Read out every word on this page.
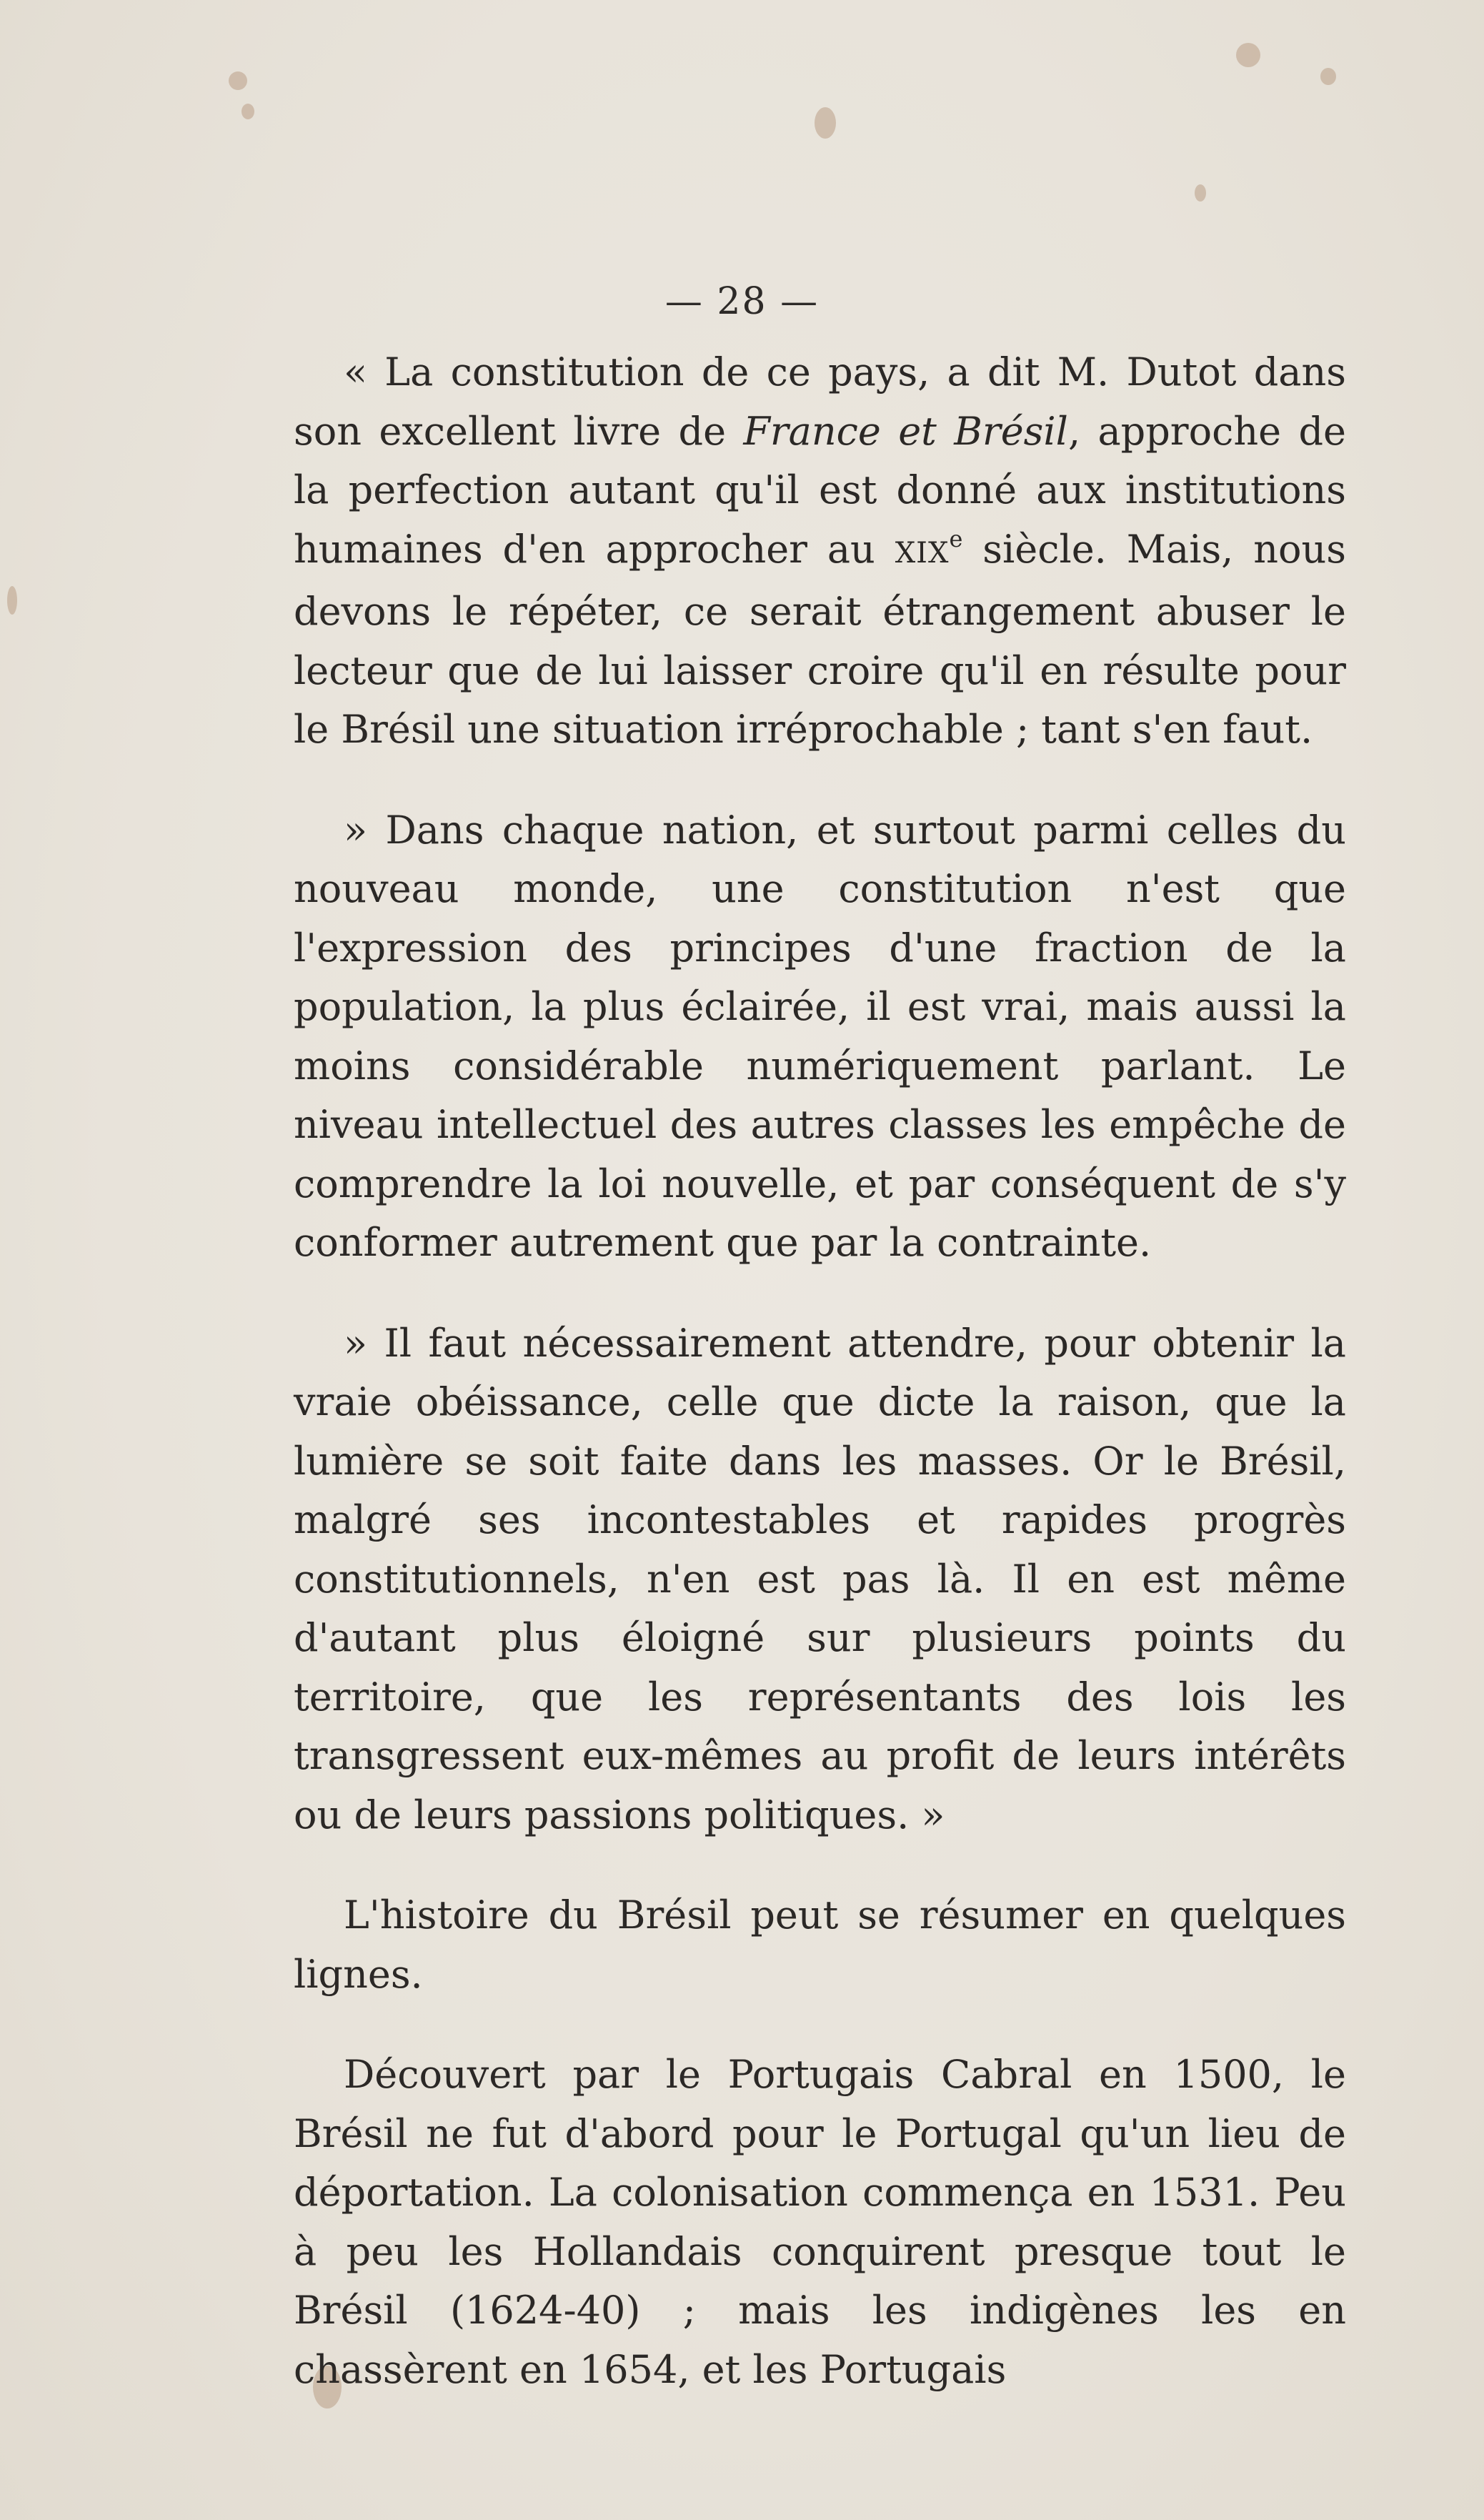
— 28 —

« La constitution de ce pays, a dit M. Dutot dans son excellent livre de France et Brésil, approche de la perfection autant qu'il est donné aux institutions humaines d'en approcher au XIXe siècle. Mais, nous devons le répéter, ce serait étrangement abuser le lecteur que de lui laisser croire qu'il en résulte pour le Brésil une situation irréprochable ; tant s'en faut.

» Dans chaque nation, et surtout parmi celles du nouveau monde, une constitution n'est que l'expression des principes d'une fraction de la population, la plus éclairée, il est vrai, mais aussi la moins considérable numériquement parlant. Le niveau intellectuel des autres classes les empêche de comprendre la loi nouvelle, et par conséquent de s'y conformer autrement que par la contrainte.

» Il faut nécessairement attendre, pour obtenir la vraie obéissance, celle que dicte la raison, que la lumière se soit faite dans les masses. Or le Brésil, malgré ses incontestables et rapides progrès constitutionnels, n'en est pas là. Il en est même d'autant plus éloigné sur plusieurs points du territoire, que les représentants des lois les transgressent eux-mêmes au profit de leurs intérêts ou de leurs passions politiques. »

L'histoire du Brésil peut se résumer en quelques lignes.

Découvert par le Portugais Cabral en 1500, le Brésil ne fut d'abord pour le Portugal qu'un lieu de déportation. La colonisation commença en 1531. Peu à peu les Hollandais conquirent presque tout le Brésil (1624-40) ; mais les indigènes les en chassèrent en 1654, et les Portugais
